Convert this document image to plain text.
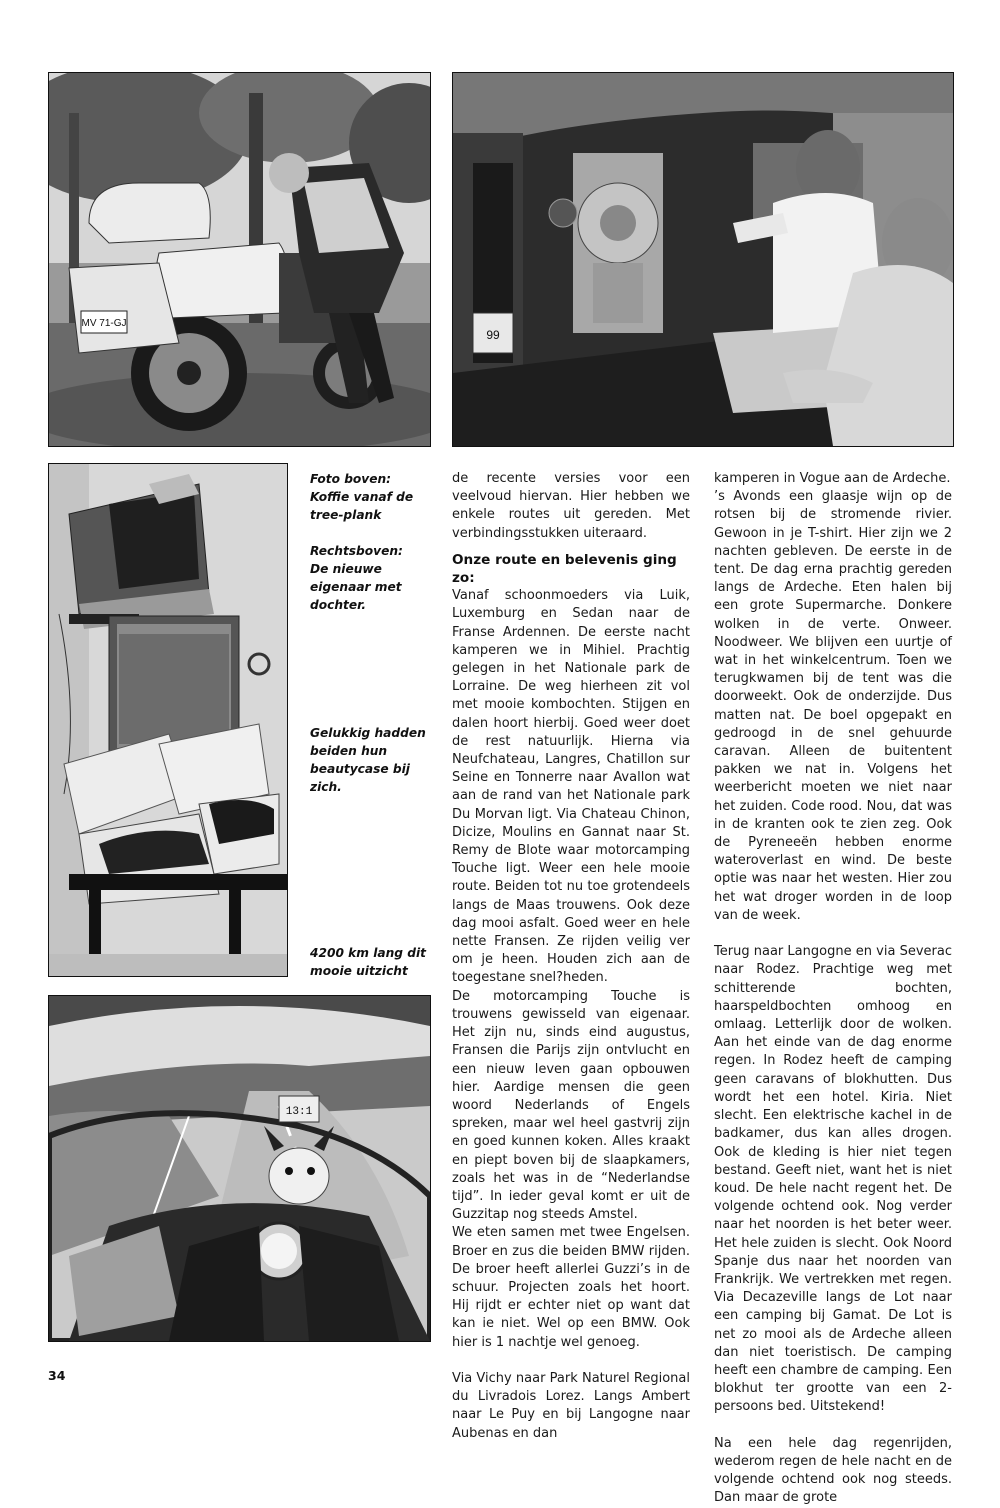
MV 71-GJ
99
13:1

Foto boven:

Koffie vanaf de tree-plank

Rechtsboven:

De nieuwe eigenaar met dochter.

Gelukkig hadden beiden hun beautycase bij zich.

4200 km lang dit mooie uitzicht

de recente versies voor een veelvoud hiervan. Hier hebben we enkele routes uit gereden. Met verbindingsstukken uiteraard.

Onze route en belevenis ging zo:

Vanaf schoonmoeders via Luik, Luxemburg en Sedan naar de Franse Ardennen. De eerste nacht kamperen we in Mihiel. Prachtig gelegen in het Nationale park de Lorraine. De weg hierheen zit vol met mooie kombochten. Stijgen en dalen hoort hierbij. Goed weer doet de rest natuurlijk. Hierna via Neufchateau, Langres, Chatillon sur Seine en Tonnerre naar Avallon wat aan de rand van het Nationale park Du Morvan ligt. Via Chateau Chinon, Dicize, Moulins en Gannat naar St. Remy de Blote waar motorcamping Touche ligt. Weer een hele mooie route. Beiden tot nu toe grotendeels langs de Maas trouwens. Ook deze dag mooi asfalt. Goed weer en hele nette Fransen. Ze rijden veilig ver om je heen. Houden zich aan de toegestane snel?heden.

De motorcamping Touche is trouwens gewisseld van eigenaar. Het zijn nu, sinds eind augustus, Fransen die Parijs zijn ontvlucht en een nieuw leven gaan opbouwen hier. Aardige mensen die geen woord Nederlands of Engels spreken, maar wel heel gastvrij zijn en goed kunnen koken. Alles kraakt en piept boven bij de slaapkamers, zoals het was in de “Nederlandse tijd”. In ieder geval komt er uit de Guzzitap nog steeds Amstel.

We eten samen met twee Engelsen. Broer en zus die beiden BMW rijden. De broer heeft allerlei Guzzi’s in de schuur. Projecten zoals het hoort. Hij rijdt er echter niet op want dat kan ie niet. Wel op een BMW. Ook hier is 1 nachtje wel genoeg.

Via Vichy naar Park Naturel Regional du Livradois Lorez. Langs Ambert naar Le Puy en bij Langogne naar Aubenas en dan

kamperen in Vogue aan de Ardeche.

’s Avonds een glaasje wijn op de rotsen bij de stromende rivier. Gewoon in je T-shirt. Hier zijn we 2 nachten gebleven. De eerste in de tent. De dag erna prachtig gereden langs de Ardeche. Eten halen bij een grote Supermarche. Donkere wolken in de verte. Onweer. Noodweer. We blijven een uurtje of wat in het winkelcentrum. Toen we terugkwamen bij de tent was die doorweekt. Ook de onderzijde. Dus matten nat. De boel opgepakt en gedroogd in de snel gehuurde caravan. Alleen de buitentent pakken we nat in. Volgens het weerbericht moeten we niet naar het zuiden. Code rood. Nou, dat was in de kranten ook te zien zeg. Ook de Pyreneeën hebben enorme wateroverlast en wind. De beste optie was naar het westen. Hier zou het wat droger worden in de loop van de week.

Terug naar Langogne en via Severac naar Rodez. Prachtige weg met schitterende bochten, haarspeldbochten omhoog en omlaag. Letterlijk door de wolken. Aan het einde van de dag enorme regen. In Rodez heeft de camping geen caravans of blokhutten. Dus wordt het een hotel. Kiria. Niet slecht. Een elektrische kachel in de badkamer, dus kan alles drogen. Ook de kleding is hier niet tegen bestand. Geeft niet, want het is niet koud. De hele nacht regent het. De volgende ochtend ook. Nog verder naar het noorden is het beter weer. Het hele zuiden is slecht. Ook Noord Spanje dus naar het noorden van Frankrijk. We vertrekken met regen. Via Decazeville langs de Lot naar een camping bij Gamat. De Lot is net zo mooi als de Ardeche alleen dan niet toeristisch. De camping heeft een chambre de camping. Een blokhut ter grootte van een 2-persoons bed. Uitstekend!

Na een hele dag regenrijden, wederom regen de hele nacht en de volgende ochtend ook nog steeds. Dan maar de grote

34
